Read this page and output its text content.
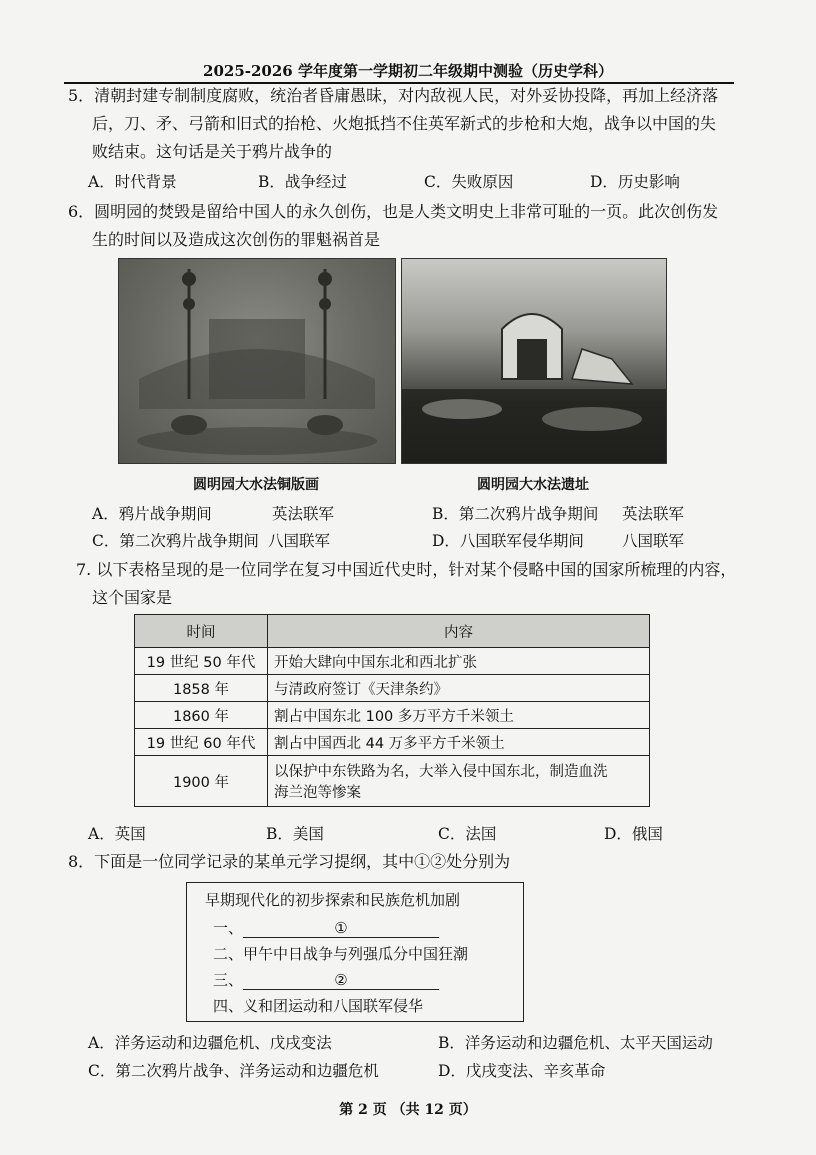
2025-2026 学年度第一学期初二年级期中测验（历史学科）
5．清朝封建专制制度腐败，统治者昏庸愚昧，对内敌视人民，对外妥协投降，再加上经济落
后，刀、矛、弓箭和旧式的抬枪、火炮抵挡不住英军新式的步枪和大炮，战争以中国的失
败结束。这句话是关于鸦片战争的
A．时代背景	B．战争经过	C．失败原因	D．历史影响
6．圆明园的焚毁是留给中国人的永久创伤，也是人类文明史上非常可耻的一页。此次创伤发
生的时间以及造成这次创伤的罪魁祸首是
圆明园大水法铜版画	圆明园大水法遗址
A．鸦片战争期间	英法联军	B．第二次鸦片战争期间 英法联军
C．第二次鸦片战争期间 八国联军	D．八国联军侵华期间 八国联军
7. 以下表格呈现的是一位同学在复习中国近代史时，针对某个侵略中国的国家所梳理的内容，
这个国家是
时间	内容
19 世纪 50 年代	开始大肆向中国东北和西北扩张
1858 年	与清政府签订《天津条约》
1860 年	割占中国东北 100 多万平方千米领土
19 世纪 60 年代	割占中国西北 44 万多平方千米领土
1900 年	以保护中东铁路为名，大举入侵中国东北，制造血洗
海兰泡等惨案
A．英国	B．美国	C．法国	D．俄国
8．下面是一位同学记录的某单元学习提纲，其中①②处分别为
早期现代化的初步探索和民族危机加剧
一、	①
二、甲午中日战争与列强瓜分中国狂潮
三、	②
四、义和团运动和八国联军侵华
A．洋务运动和边疆危机、戊戌变法	B．洋务运动和边疆危机、太平天国运动
C．第二次鸦片战争、洋务运动和边疆危机	D．戊戌变法、辛亥革命
第 2 页 （共 12 页）
